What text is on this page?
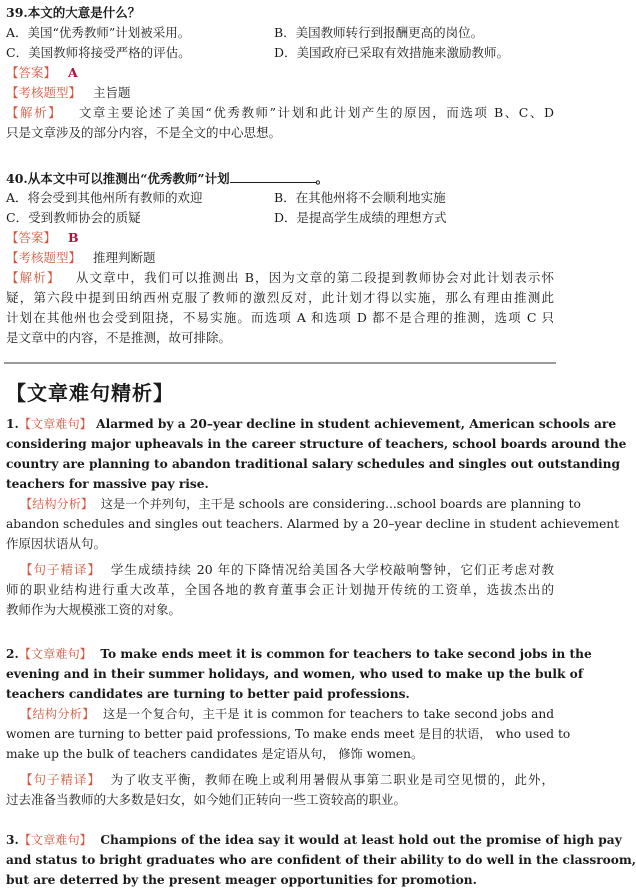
39.本文的大意是什么？
A．美国“优秀教师”计划被采用。	B．美国教师转行到报酬更高的岗位。
C．美国教师将接受严格的评估。	D．美国政府已采取有效措施来激励教师。
【答案】 A
【考核题型】 主旨题
【解析】 文章主要论述了美国“优秀教师”计划和此计划产生的原因，而选项 B、C、D
只是文章涉及的部分内容，不是全文的中心思想。
40.从本文中可以推测出“优秀教师”计划	。
A．将会受到其他州所有教师的欢迎	B．在其他州将不会顺利地实施
C．受到教师协会的质疑	D．是提高学生成绩的理想方式
【答案】 B
【考核题型】 推理判断题
【解析】 从文章中，我们可以推测出 B，因为文章的第二段提到教师协会对此计划表示怀
疑，第六段中提到田纳西州克服了教师的激烈反对，此计划才得以实施，那么有理由推测此
计划在其他州也会受到阻挠，不易实施。而选项 A 和选项 D 都不是合理的推测，选项 C 只
是文章中的内容，不是推测，故可排除。
【文章难句精析】
1.【文章难句】 Alarmed by a 20–year decline in student achievement, American schools are
considering major upheavals in the career structure of teachers, school boards around the
country are planning to abandon traditional salary schedules and singles out outstanding
teachers for massive pay rise.
【结构分析】 这是一个并列句，主干是 schools are considering...school boards are planning to
abandon schedules and singles out teachers. Alarmed by a 20–year decline in student achievement
作原因状语从句。
【句子精译】 学生成绩持续 20 年的下降情况给美国各大学校敲响警钟，它们正考虑对教
师的职业结构进行重大改革，全国各地的教育董事会正计划抛开传统的工资单，选拔杰出的
教师作为大规模涨工资的对象。
2.【文章难句】 To make ends meet it is common for teachers to take second jobs in the
evening and in their summer holidays, and women, who used to make up the bulk of
teachers candidates are turning to better paid professions.
【结构分析】 这是一个复合句，主干是 it is common for teachers to take second jobs and
women are turning to better paid professions, To make ends meet 是目的状语， who used to
make up the bulk of teachers candidates 是定语从句， 修饰 women。
【句子精译】 为了收支平衡，教师在晚上或利用暑假从事第二职业是司空见惯的，此外，
过去准备当教师的大多数是妇女，如今她们正转向一些工资较高的职业。
3.【文章难句】 Champions of the idea say it would at least hold out the promise of high pay
and status to bright graduates who are confident of their ability to do well in the classroom,
but are deterred by the present meager opportunities for promotion.
